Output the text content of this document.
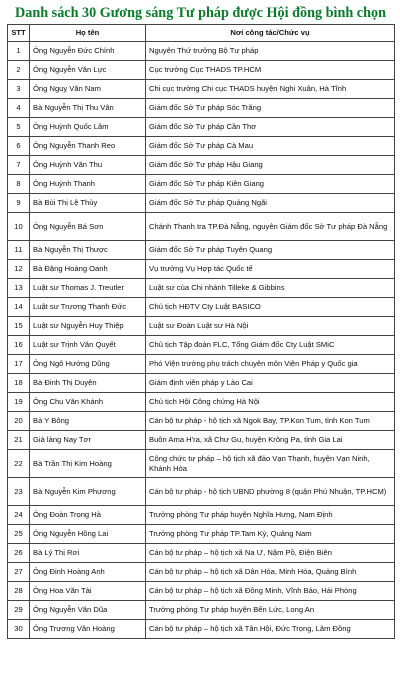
Danh sách 30 Gương sáng Tư pháp được Hội đồng bình chọn
STT	Họ tên	Nơi công tác/Chức vụ
1	Ông Nguyễn Đức Chính	Nguyên Thứ trưởng Bộ Tư pháp
2	Ông Nguyễn Văn Lực	Cục trưởng Cục THADS TP.HCM
3	Ông Nguỵ Văn Nam	Chi cục trưởng Chi cục THADS huyện Nghi Xuân, Hà Tĩnh
4	Bà Nguyễn Thị Thu Vân	Giám đốc Sở Tư pháp Sóc Trăng
5	Ông Huỳnh Quốc Lâm	Giám đốc Sở Tư pháp Cần Thơ
6	Ông Nguyễn Thanh Reo	Giám đốc Sở Tư pháp Cà Mau
7	Ông Huỳnh Văn Thu	Giám đốc Sở Tư pháp Hậu Giang
8	Ông Huỳnh Thanh	Giám đốc Sở Tư pháp Kiên Giang
9	Bà Bùi Thị Lệ Thủy	Giám đốc Sở Tư pháp Quảng Ngãi
10	Ông Nguyễn Bá Sơn	Chánh Thanh tra TP.Đà Nẵng, nguyên Giám đốc Sở Tư pháp Đà Nẵng
11	Bà Nguyễn Thị Thược	Giám đốc Sở Tư pháp Tuyên Quang
12	Bà Đặng Hoàng Oanh	Vụ trưởng Vụ Hợp tác Quốc tế
13	Luật sư Thomas J. Treutler	Luật sư của Chi nhánh Tilleke & Gibbins
14	Luật sư Trương Thanh Đức	Chủ tịch HĐTV Cty Luật BASICO
15	Luật sư Nguyễn Huy Thiệp	Luật sư Đoàn Luật sư Hà Nội
16	Luật sư Trịnh Văn Quyết	Chủ tịch Tập đoàn FLC, Tổng Giám đốc Cty Luật SMiC
17	Ông Ngô Hướng Dũng	Phó Viện trưởng phụ trách chuyên môn Viện Pháp y Quốc gia
18	Bà Đinh Thị Duyên	Giám định viên pháp y Lào Cai
19	Ông Chu Văn Khánh	Chủ tịch Hội Công chứng Hà Nội
20	Bà Y Bông	Cán bộ tư pháp - hộ tịch xã Ngok Bay, TP.Kon Tum, tỉnh Kon Tum
21	Già làng Nay Tơr	Buôn Ama H'ra, xã Chư Gu, huyện Krông Pa, tỉnh Gia Lai
22	Bà Trần Thị Kim Hoàng	Công chức tư pháp – hộ tịch xã đảo Vạn Thạnh, huyện Vạn Ninh, Khánh Hòa
23	Bà Nguyễn Kim Phương	Cán bộ tư pháp - hộ tịch UBND phường 8 (quận Phú Nhuận, TP.HCM)
24	Ông Đoàn Trọng Hà	Trưởng phòng Tư pháp huyện Nghĩa Hưng, Nam Định
25	Ông Nguyễn Hồng Lai	Trưởng phòng Tư pháp TP.Tam Kỳ, Quảng Nam
26	Bà Lý Thị Rơi	Cán bộ tư pháp – hộ tịch xã Na Ư, Nậm Pồ, Điện Biên
27	Ông Đinh Hoàng Anh	Cán bộ tư pháp – hộ tịch xã Dân Hóa, Minh Hóa, Quảng Bình
28	Ông Hoa Văn Tài	Cán bộ tư pháp – hộ tịch xã Đồng Minh, Vĩnh Bảo, Hải Phòng
29	Ông Nguyễn Văn Dũa	Trưởng phòng Tư pháp huyện Bến Lức, Long An
30	Ông Trương Văn Hoàng	Cán bộ tư pháp – hộ tịch xã Tân Hội, Đức Trọng, Lâm Đồng
